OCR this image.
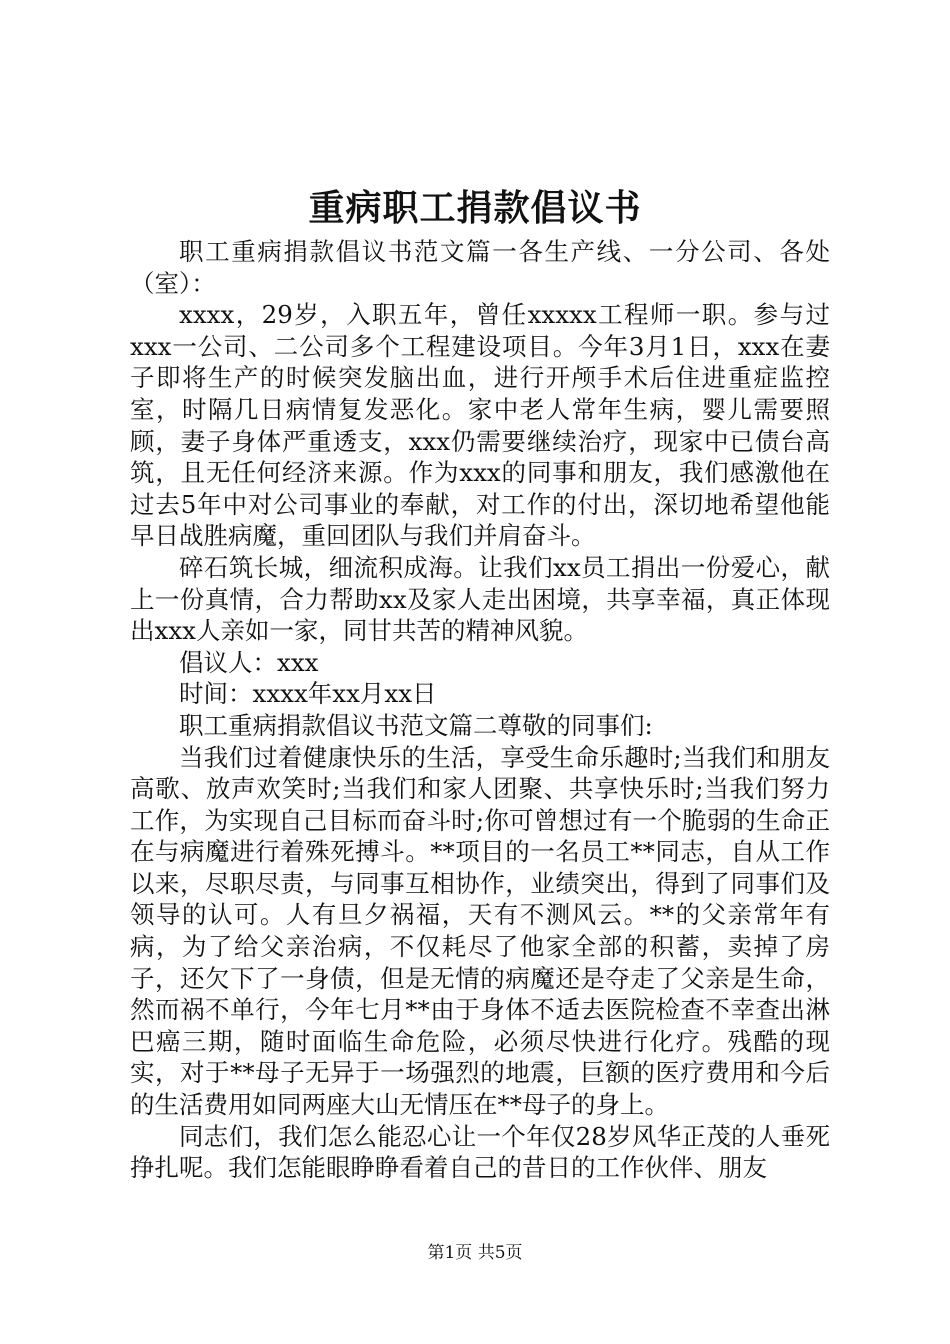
重病职工捐款倡议书

职工重病捐款倡议书范文篇一各生产线、一分公司、各处（室）：

xxxx，29岁，入职五年，曾任xxxxx工程师一职。参与过xxx一公司、二公司多个工程建设项目。今年3月1日，xxx在妻子即将生产的时候突发脑出血，进行开颅手术后住进重症监控室，时隔几日病情复发恶化。家中老人常年生病，婴儿需要照顾，妻子身体严重透支，xxx仍需要继续治疗，现家中已债台高筑，且无任何经济来源。作为xxx的同事和朋友，我们感激他在过去5年中对公司事业的奉献，对工作的付出，深切地希望他能早日战胜病魔，重回团队与我们并肩奋斗。

碎石筑长城，细流积成海。让我们xx员工捐出一份爱心，献上一份真情，合力帮助xx及家人走出困境，共享幸福，真正体现出xxx人亲如一家，同甘共苦的精神风貌。

倡议人：xxx

时间：xxxx年xx月xx日

职工重病捐款倡议书范文篇二尊敬的同事们:

当我们过着健康快乐的生活，享受生命乐趣时;当我们和朋友高歌、放声欢笑时;当我们和家人团聚、共享快乐时;当我们努力工作，为实现自己目标而奋斗时;你可曾想过有一个脆弱的生命正在与病魔进行着殊死搏斗。**项目的一名员工**同志，自从工作以来，尽职尽责，与同事互相协作，业绩突出，得到了同事们及领导的认可。人有旦夕祸福，天有不测风云。**的父亲常年有病，为了给父亲治病，不仅耗尽了他家全部的积蓄，卖掉了房子，还欠下了一身债，但是无情的病魔还是夺走了父亲是生命，然而祸不单行，今年七月**由于身体不适去医院检查不幸查出淋巴癌三期，随时面临生命危险，必须尽快进行化疗。残酷的现实，对于**母子无异于一场强烈的地震，巨额的医疗费用和今后的生活费用如同两座大山无情压在**母子的身上。

同志们，我们怎么能忍心让一个年仅28岁风华正茂的人垂死挣扎呢。我们怎能眼睁睁看着自己的昔日的工作伙伴、朋友

第1页 共5页
